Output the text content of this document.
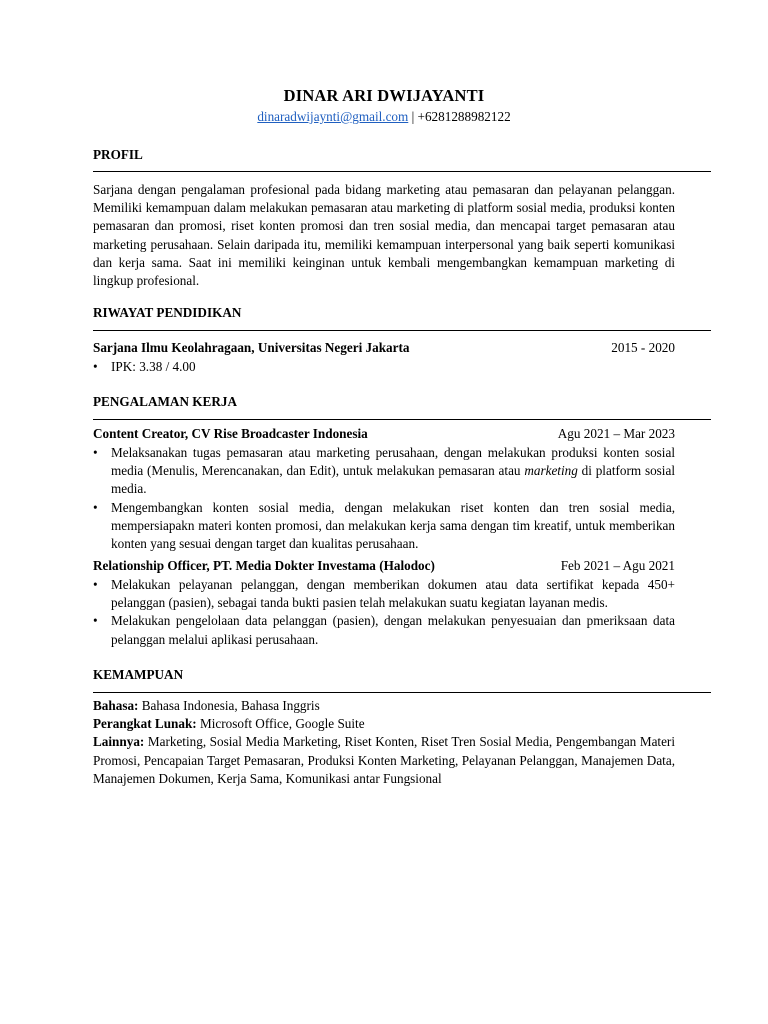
DINAR ARI DWIJAYANTI
dinaradwijaynti@gmail.com | +6281288982122
PROFIL
Sarjana dengan pengalaman profesional pada bidang marketing atau pemasaran dan pelayanan pelanggan. Memiliki kemampuan dalam melakukan pemasaran atau marketing di platform sosial media, produksi konten pemasaran dan promosi, riset konten promosi dan tren sosial media, dan mencapai target pemasaran atau marketing perusahaan. Selain daripada itu, memiliki kemampuan interpersonal yang baik seperti komunikasi dan kerja sama. Saat ini memiliki keinginan untuk kembali mengembangkan kemampuan marketing di lingkup profesional.
RIWAYAT PENDIDIKAN
Sarjana Ilmu Keolahragaan, Universitas Negeri Jakarta	2015 - 2020
• IPK: 3.38 / 4.00
PENGALAMAN KERJA
Content Creator, CV Rise Broadcaster Indonesia	Agu 2021 – Mar 2023
• Melaksanakan tugas pemasaran atau marketing perusahaan, dengan melakukan produksi konten sosial media (Menulis, Merencanakan, dan Edit), untuk melakukan pemasaran atau marketing di platform sosial media.
• Mengembangkan konten sosial media, dengan melakukan riset konten dan tren sosial media, mempersiapakn materi konten promosi, dan melakukan kerja sama dengan tim kreatif, untuk memberikan konten yang sesuai dengan target dan kualitas perusahaan.
Relationship Officer, PT. Media Dokter Investama (Halodoc)	Feb 2021 – Agu 2021
• Melakukan pelayanan pelanggan, dengan memberikan dokumen atau data sertifikat kepada 450+ pelanggan (pasien), sebagai tanda bukti pasien telah melakukan suatu kegiatan layanan medis.
• Melakukan pengelolaan data pelanggan (pasien), dengan melakukan penyesuaian dan pmeriksaan data pelanggan melalui aplikasi perusahaan.
KEMAMPUAN
Bahasa: Bahasa Indonesia, Bahasa Inggris
Perangkat Lunak: Microsoft Office, Google Suite
Lainnya: Marketing, Sosial Media Marketing, Riset Konten, Riset Tren Sosial Media, Pengembangan Materi Promosi, Pencapaian Target Pemasaran, Produksi Konten Marketing, Pelayanan Pelanggan, Manajemen Data, Manajemen Dokumen, Kerja Sama, Komunikasi antar Fungsional
